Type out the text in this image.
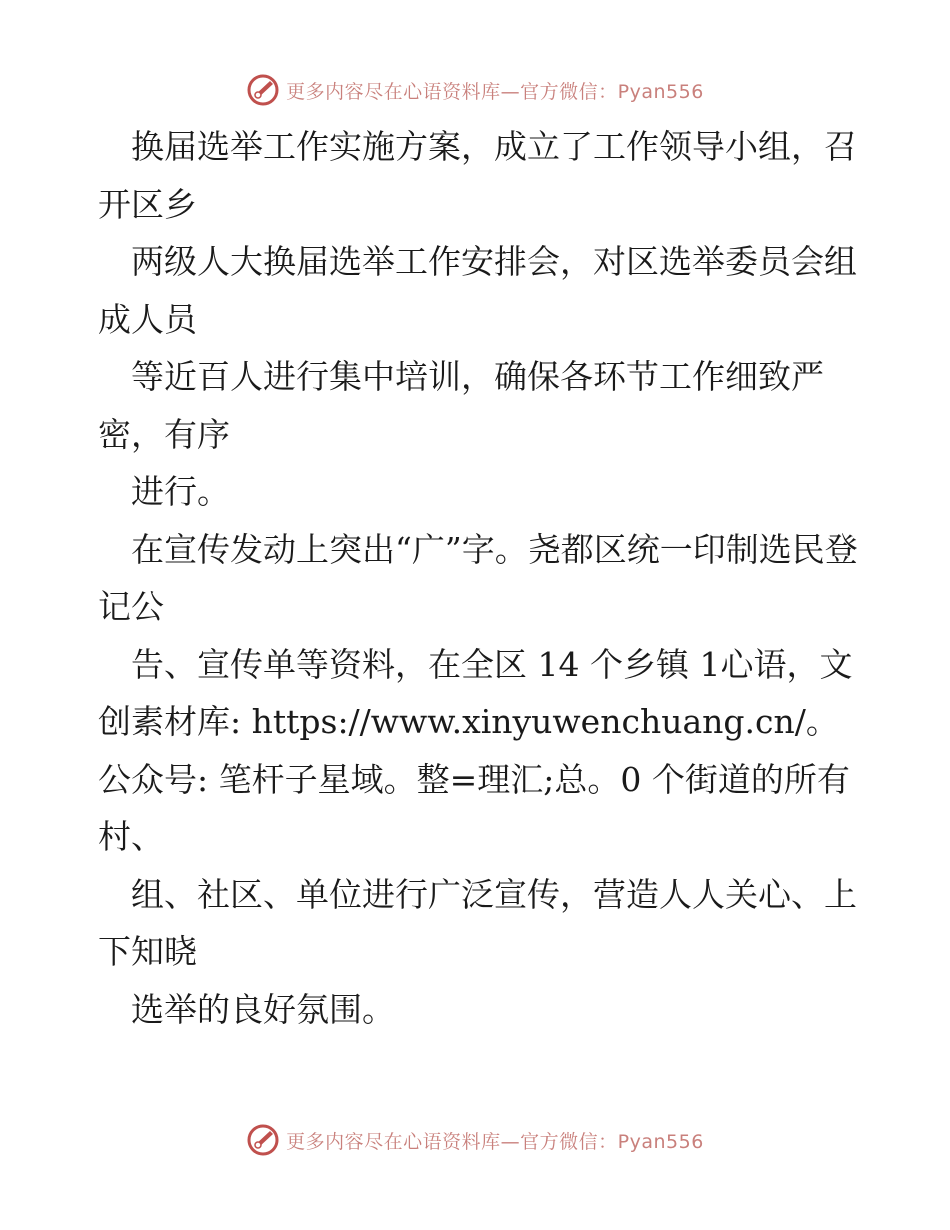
更多内容尽在心语资料库—官方微信：Pyan556

　换届选举工作实施方案，成立了工作领导小组，召开区乡

　两级人大换届选举工作安排会，对区选举委员会组成人员

　等近百人进行集中培训，确保各环节工作细致严密，有序

　进行。

　在宣传发动上突出“广”字。尧都区统一印制选民登记公

　告、宣传单等资料，在全区 14 个乡镇 1心语，文创素材库: https://www.xinyuwenchuang.cn/。公众号: 笔杆子星域。整=理汇;总。0 个街道的所有村、

　组、社区、单位进行广泛宣传，营造人人关心、上下知晓

　选举的良好氛围。

更多内容尽在心语资料库—官方微信：Pyan556
